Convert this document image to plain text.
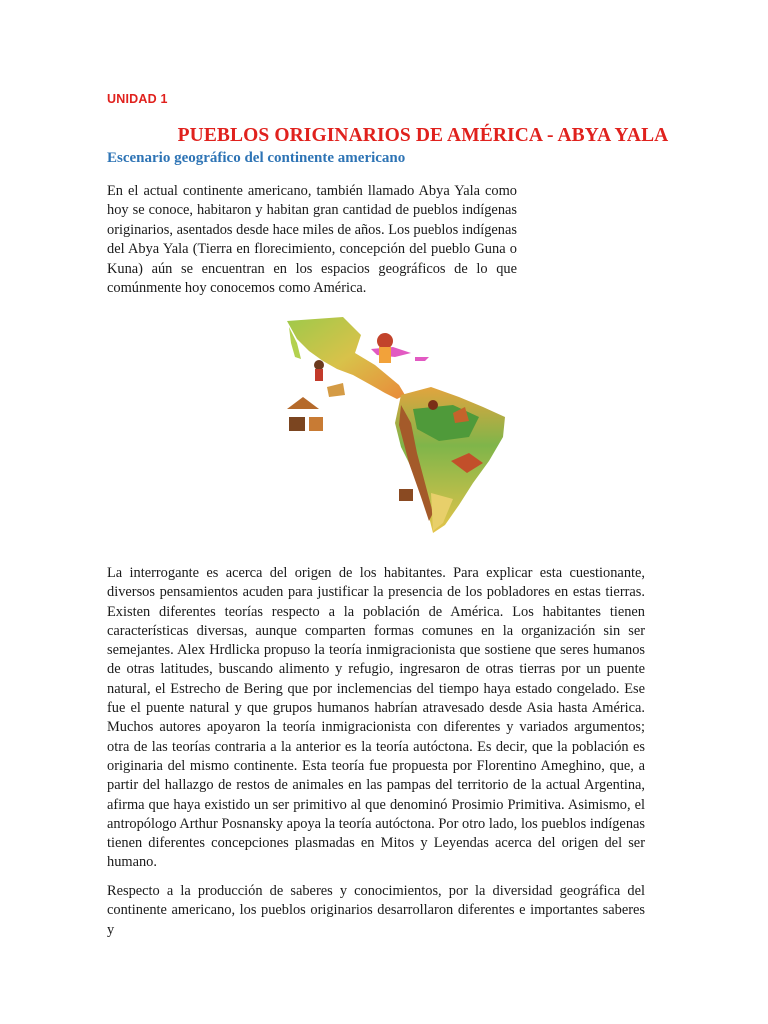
UNIDAD 1
PUEBLOS ORIGINARIOS DE AMÉRICA - ABYA YALA
Escenario geográfico del continente americano

En el actual continente americano, también llamado Abya Yala como hoy se conoce, habitaron y habitan gran cantidad de pueblos indígenas originarios, asentados desde hace miles de años. Los pueblos indígenas del Abya Yala (Tierra en florecimiento, concepción del pueblo Guna o Kuna) aún se encuentran en los espacios geográficos de lo que comúnmente hoy conocemos como América.

La interrogante es acerca del origen de los habitantes. Para explicar esta cuestionante, diversos pensamientos acuden para justificar la presencia de los pobladores en estas tierras. Existen diferentes teorías respecto a la población de América. Los habitantes tienen características diversas, aunque comparten formas comunes en la organización sin ser semejantes. Alex Hrdlicka propuso la teoría inmigracionista que sostiene que seres humanos de otras latitudes, buscando alimento y refugio, ingresaron de otras tierras por un puente natural, el Estrecho de Bering que por inclemencias del tiempo haya estado congelado. Ese fue el puente natural y que grupos humanos habrían atravesado desde Asia hasta América. Muchos autores apoyaron la teoría inmigracionista con diferentes y variados argumentos; otra de las teorías contraria a la anterior es la teoría autóctona. Es decir, que la población es originaria del mismo continente. Esta teoría fue propuesta por Florentino Ameghino, que, a partir del hallazgo de restos de animales en las pampas del territorio de la actual Argentina, afirma que haya existido un ser primitivo al que denominó Prosimio Primitiva. Asimismo, el antropólogo Arthur Posnansky apoya la teoría autóctona. Por otro lado, los pueblos indígenas tienen diferentes concepciones plasmadas en Mitos y Leyendas acerca del origen del ser humano.

Respecto a la producción de saberes y conocimientos, por la diversidad geográfica del continente americano, los pueblos originarios desarrollaron diferentes e importantes saberes y
